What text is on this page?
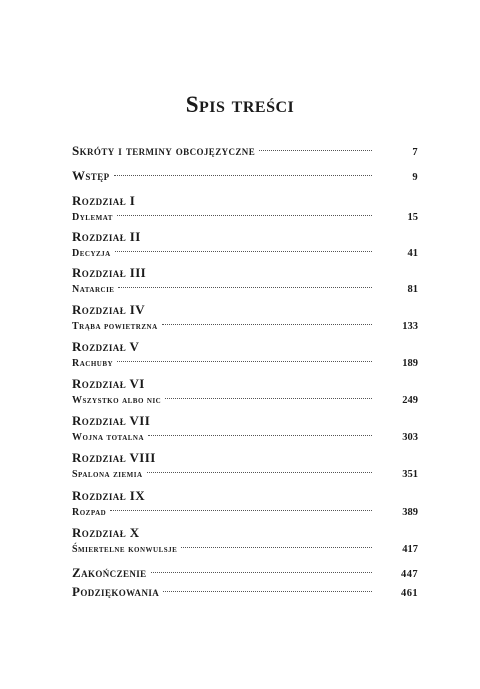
Spis treści
Skróty i terminy obcojęzyczne	7
Wstęp	9
Rozdział I
Dylemat	15
Rozdział II
Decyzja	41
Rozdział III
Natarcie	81
Rozdział IV
Trąba powietrzna	133
Rozdział V
Rachuby	189
Rozdział VI
Wszystko albo nic	249
Rozdział VII
Wojna totalna	303
Rozdział VIII
Spalona ziemia	351
Rozdział IX
Rozpad	389
Rozdział X
Śmiertelne konwulsje	417
Zakończenie	447
Podziękowania	461
